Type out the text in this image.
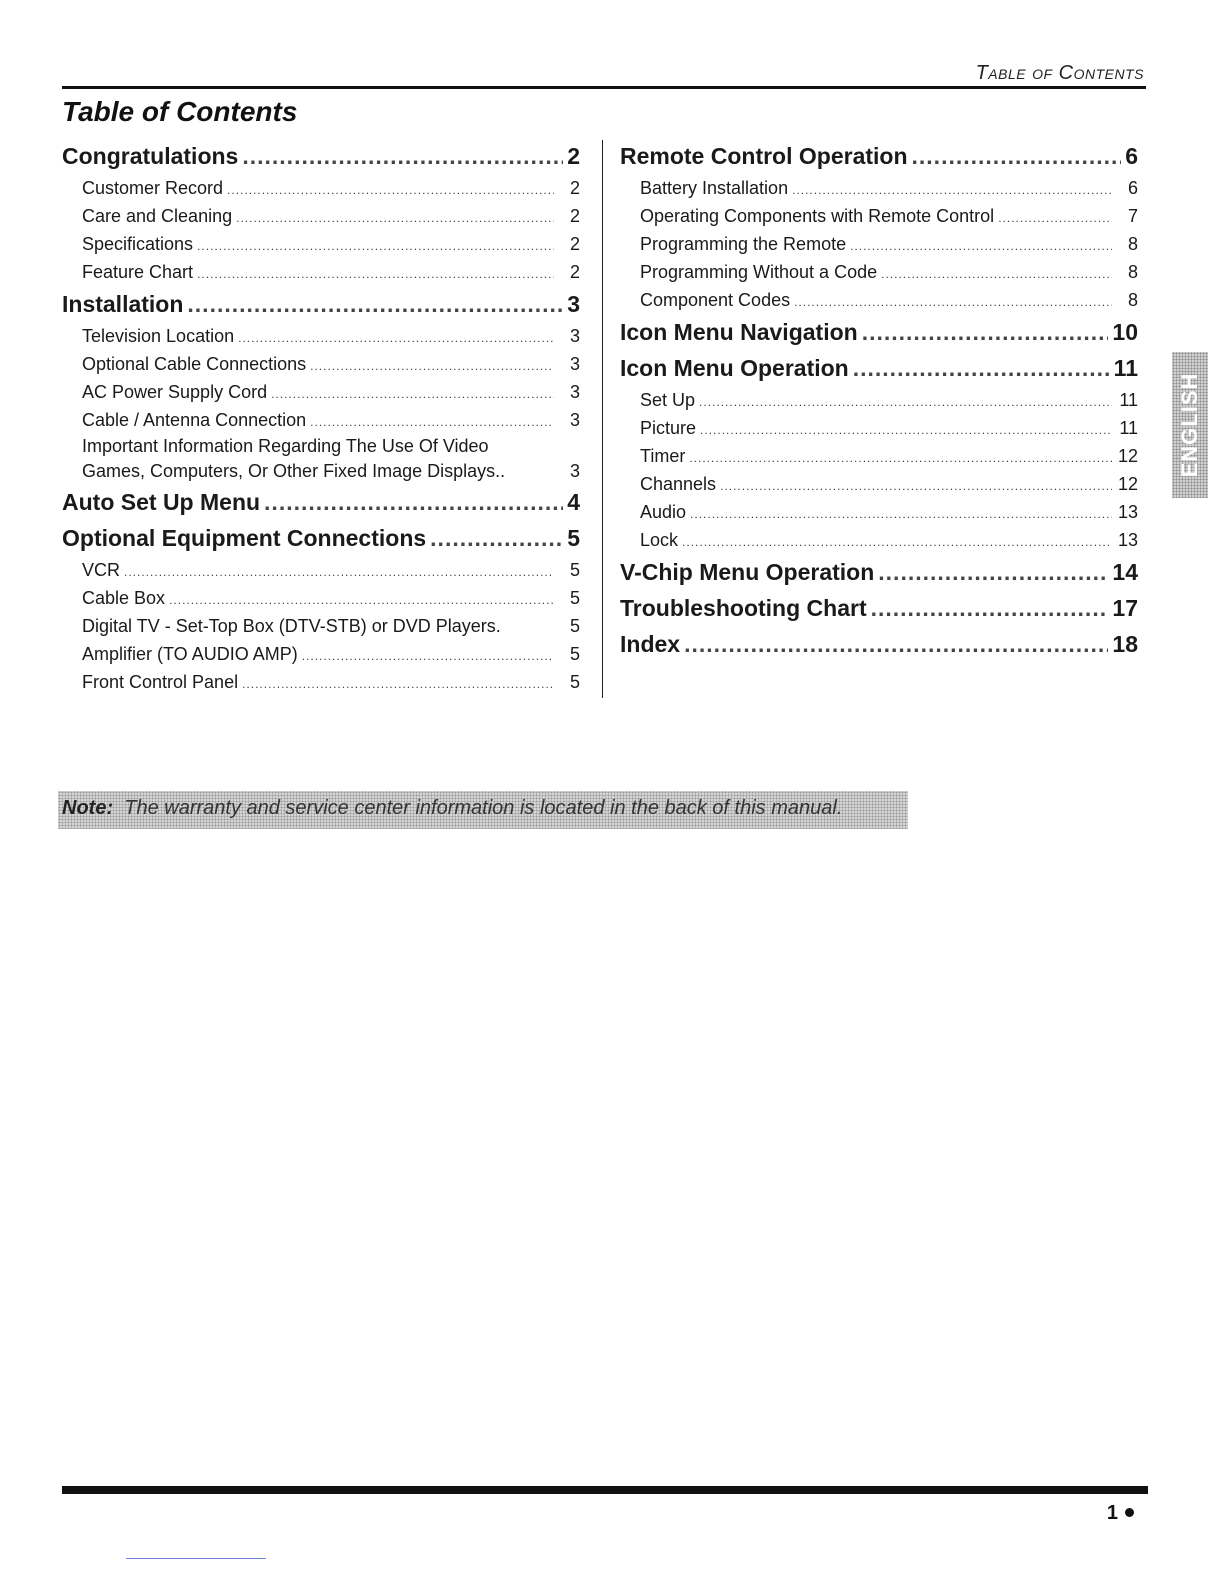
Table of Contents
Table of Contents
Congratulations .....	2
Customer Record .....	2
Care and Cleaning .....	2
Specifications .....	2
Feature Chart .....	2
Installation .....	3
Television Location .....	3
Optional Cable Connections .....	3
AC Power Supply Cord .....	3
Cable / Antenna Connection .....	3
Important Information Regarding The Use Of Video
Games, Computers, Or Other Fixed Image Displays..	3
Auto Set Up Menu .....	4
Optional Equipment Connections .....	5
VCR .....	5
Cable Box .....	5
Digital TV - Set-Top Box (DTV-STB) or DVD Players.	5
Amplifier (TO AUDIO AMP) .....	5
Front Control Panel .....	5
Remote Control Operation .....	6
Battery Installation .....	6
Operating Components with Remote Control .....	7
Programming the Remote .....	8
Programming Without a Code .....	8
Component Codes .....	8
Icon Menu Navigation .....	10
Icon Menu Operation .....	11
Set Up .....	11
Picture .....	11
Timer .....	12
Channels .....	12
Audio .....	13
Lock .....	13
V-Chip Menu Operation .....	14
Troubleshooting Chart .....	17
Index .....	18
Note: The warranty and service center information is located in the back of this manual.
ENGLISH
1
